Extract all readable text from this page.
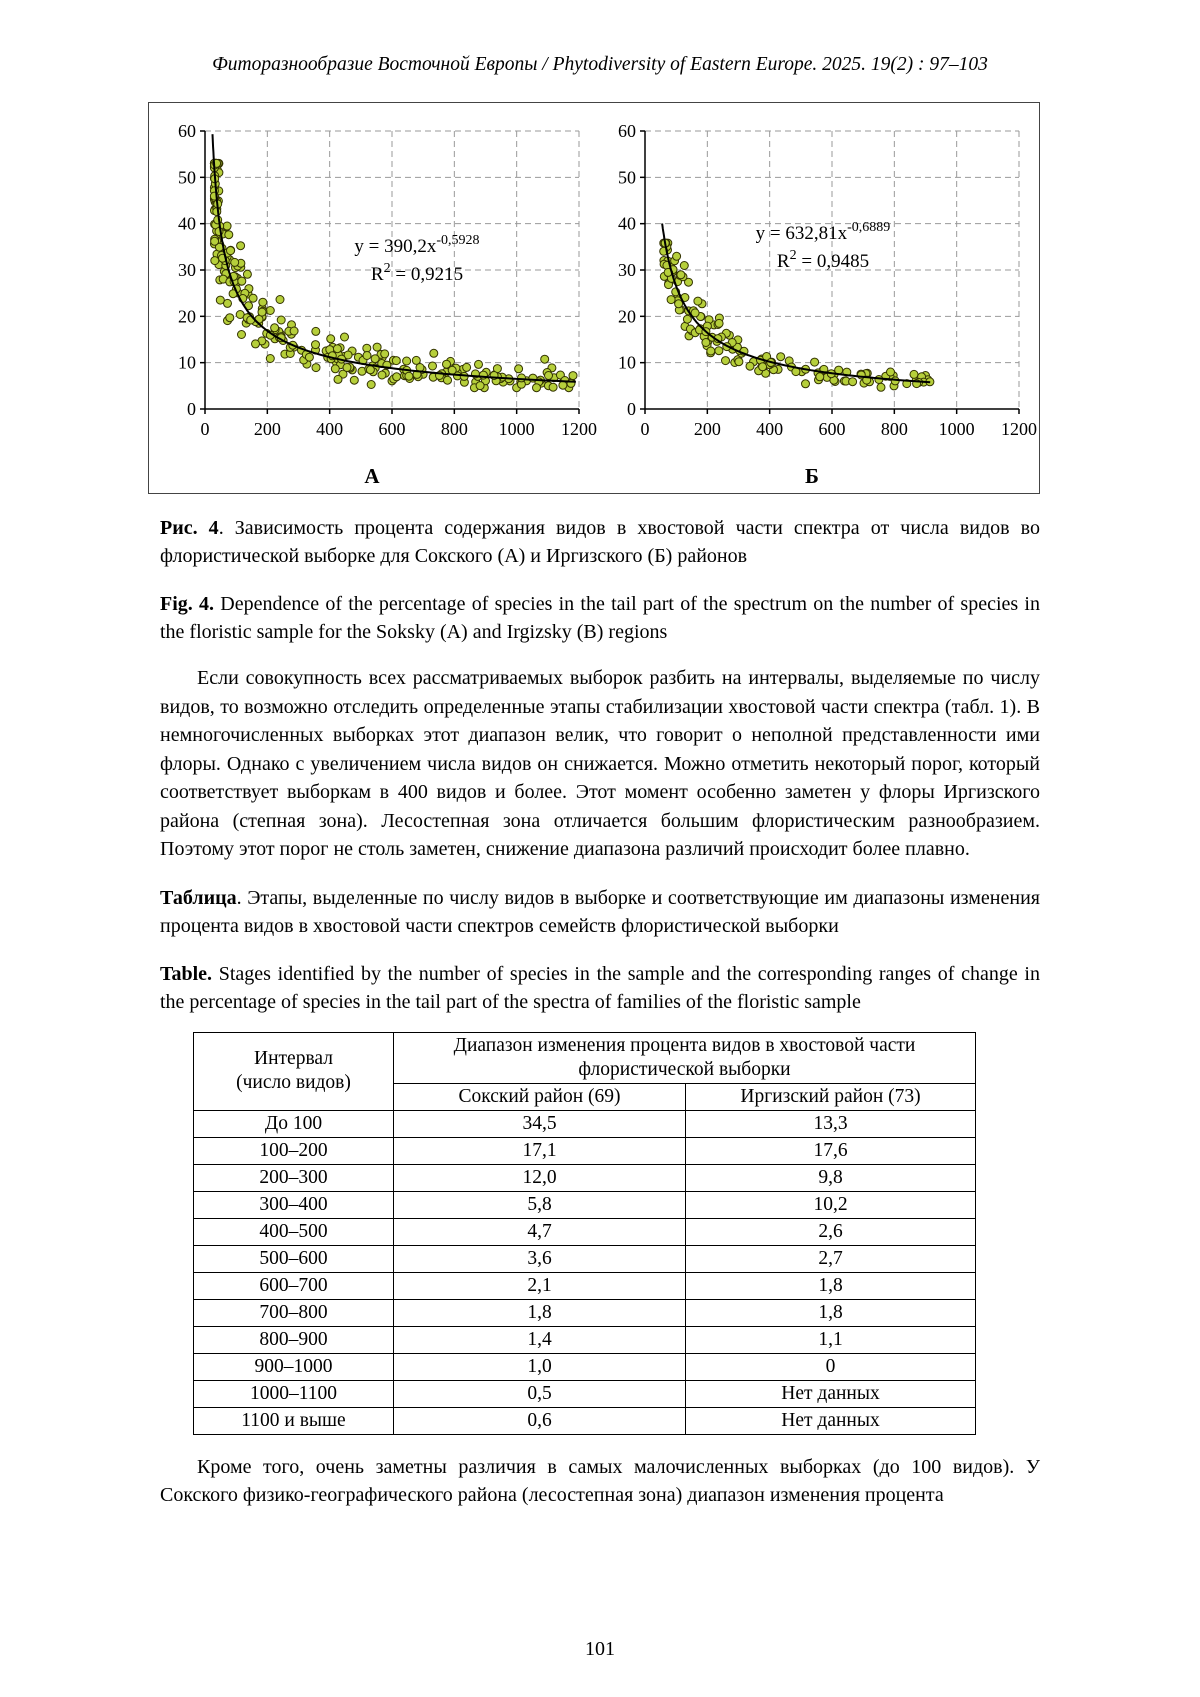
Фиторазнообразие Восточной Европы / Phytodiversity of Eastern Europe. 2025. 19(2) : 97–103
0
10
20
30
40
50
60
0 200 400 600 800 1000 1200
$y = 390,2x^{-0,5928}$
$R^2 = 0,9215$
А
0
10
20
30
40
50
60
0 200 400 600 800 1000 1200
$y = 632,81x^{-0,6889}$
$R^2 = 0,9485$
Б

Рис. 4. Зависимость процента содержания видов в хвостовой части спектра от числа видов во флористической выборке для Сокского (А) и Иргизского (Б) районов

Fig. 4. Dependence of the percentage of species in the tail part of the spectrum on the number of species in the floristic sample for the Soksky (A) and Irgizsky (B) regions

Если совокупность всех рассматриваемых выборок разбить на интервалы, выделяемые по числу видов, то возможно отследить определенные этапы стабилизации хвостовой части спектра (табл. 1). В немногочисленных выборках этот диапазон велик, что говорит о неполной представленности ими флоры. Однако с увеличением числа видов он снижается. Можно отметить некоторый порог, который соответствует выборкам в 400 видов и более. Этот момент особенно заметен у флоры Иргизского района (степная зона). Лесостепная зона отличается большим флористическим разнообразием. Поэтому этот порог не столь заметен, снижение диапазона различий происходит более плавно.

Таблица. Этапы, выделенные по числу видов в выборке и соответствующие им диапазоны изменения процента видов в хвостовой части спектров семейств флористической выборки

Table. Stages identified by the number of species in the sample and the corresponding ranges of change in the percentage of species in the tail part of the spectra of families of the floristic sample

Интервал
(число видов)	Диапазон изменения процента видов в хвостовой части флористической выборки	
	Сокский район (69)	Иргизский район (73)
До 100	34,5	13,3
100–200	17,1	17,6
200–300	12,0	9,8
300–400	5,8	10,2
400–500	4,7	2,6
500–600	3,6	2,7
600–700	2,1	1,8
700–800	1,8	1,8
800–900	1,4	1,1
900–1000	1,0	0
1000–1100	0,5	Нет данных
1100 и выше	0,6	Нет данных

Кроме того, очень заметны различия в самых малочисленных выборках (до 100 видов). У Сокского физико-географического района (лесостепная зона) диапазон изменения процента

101
